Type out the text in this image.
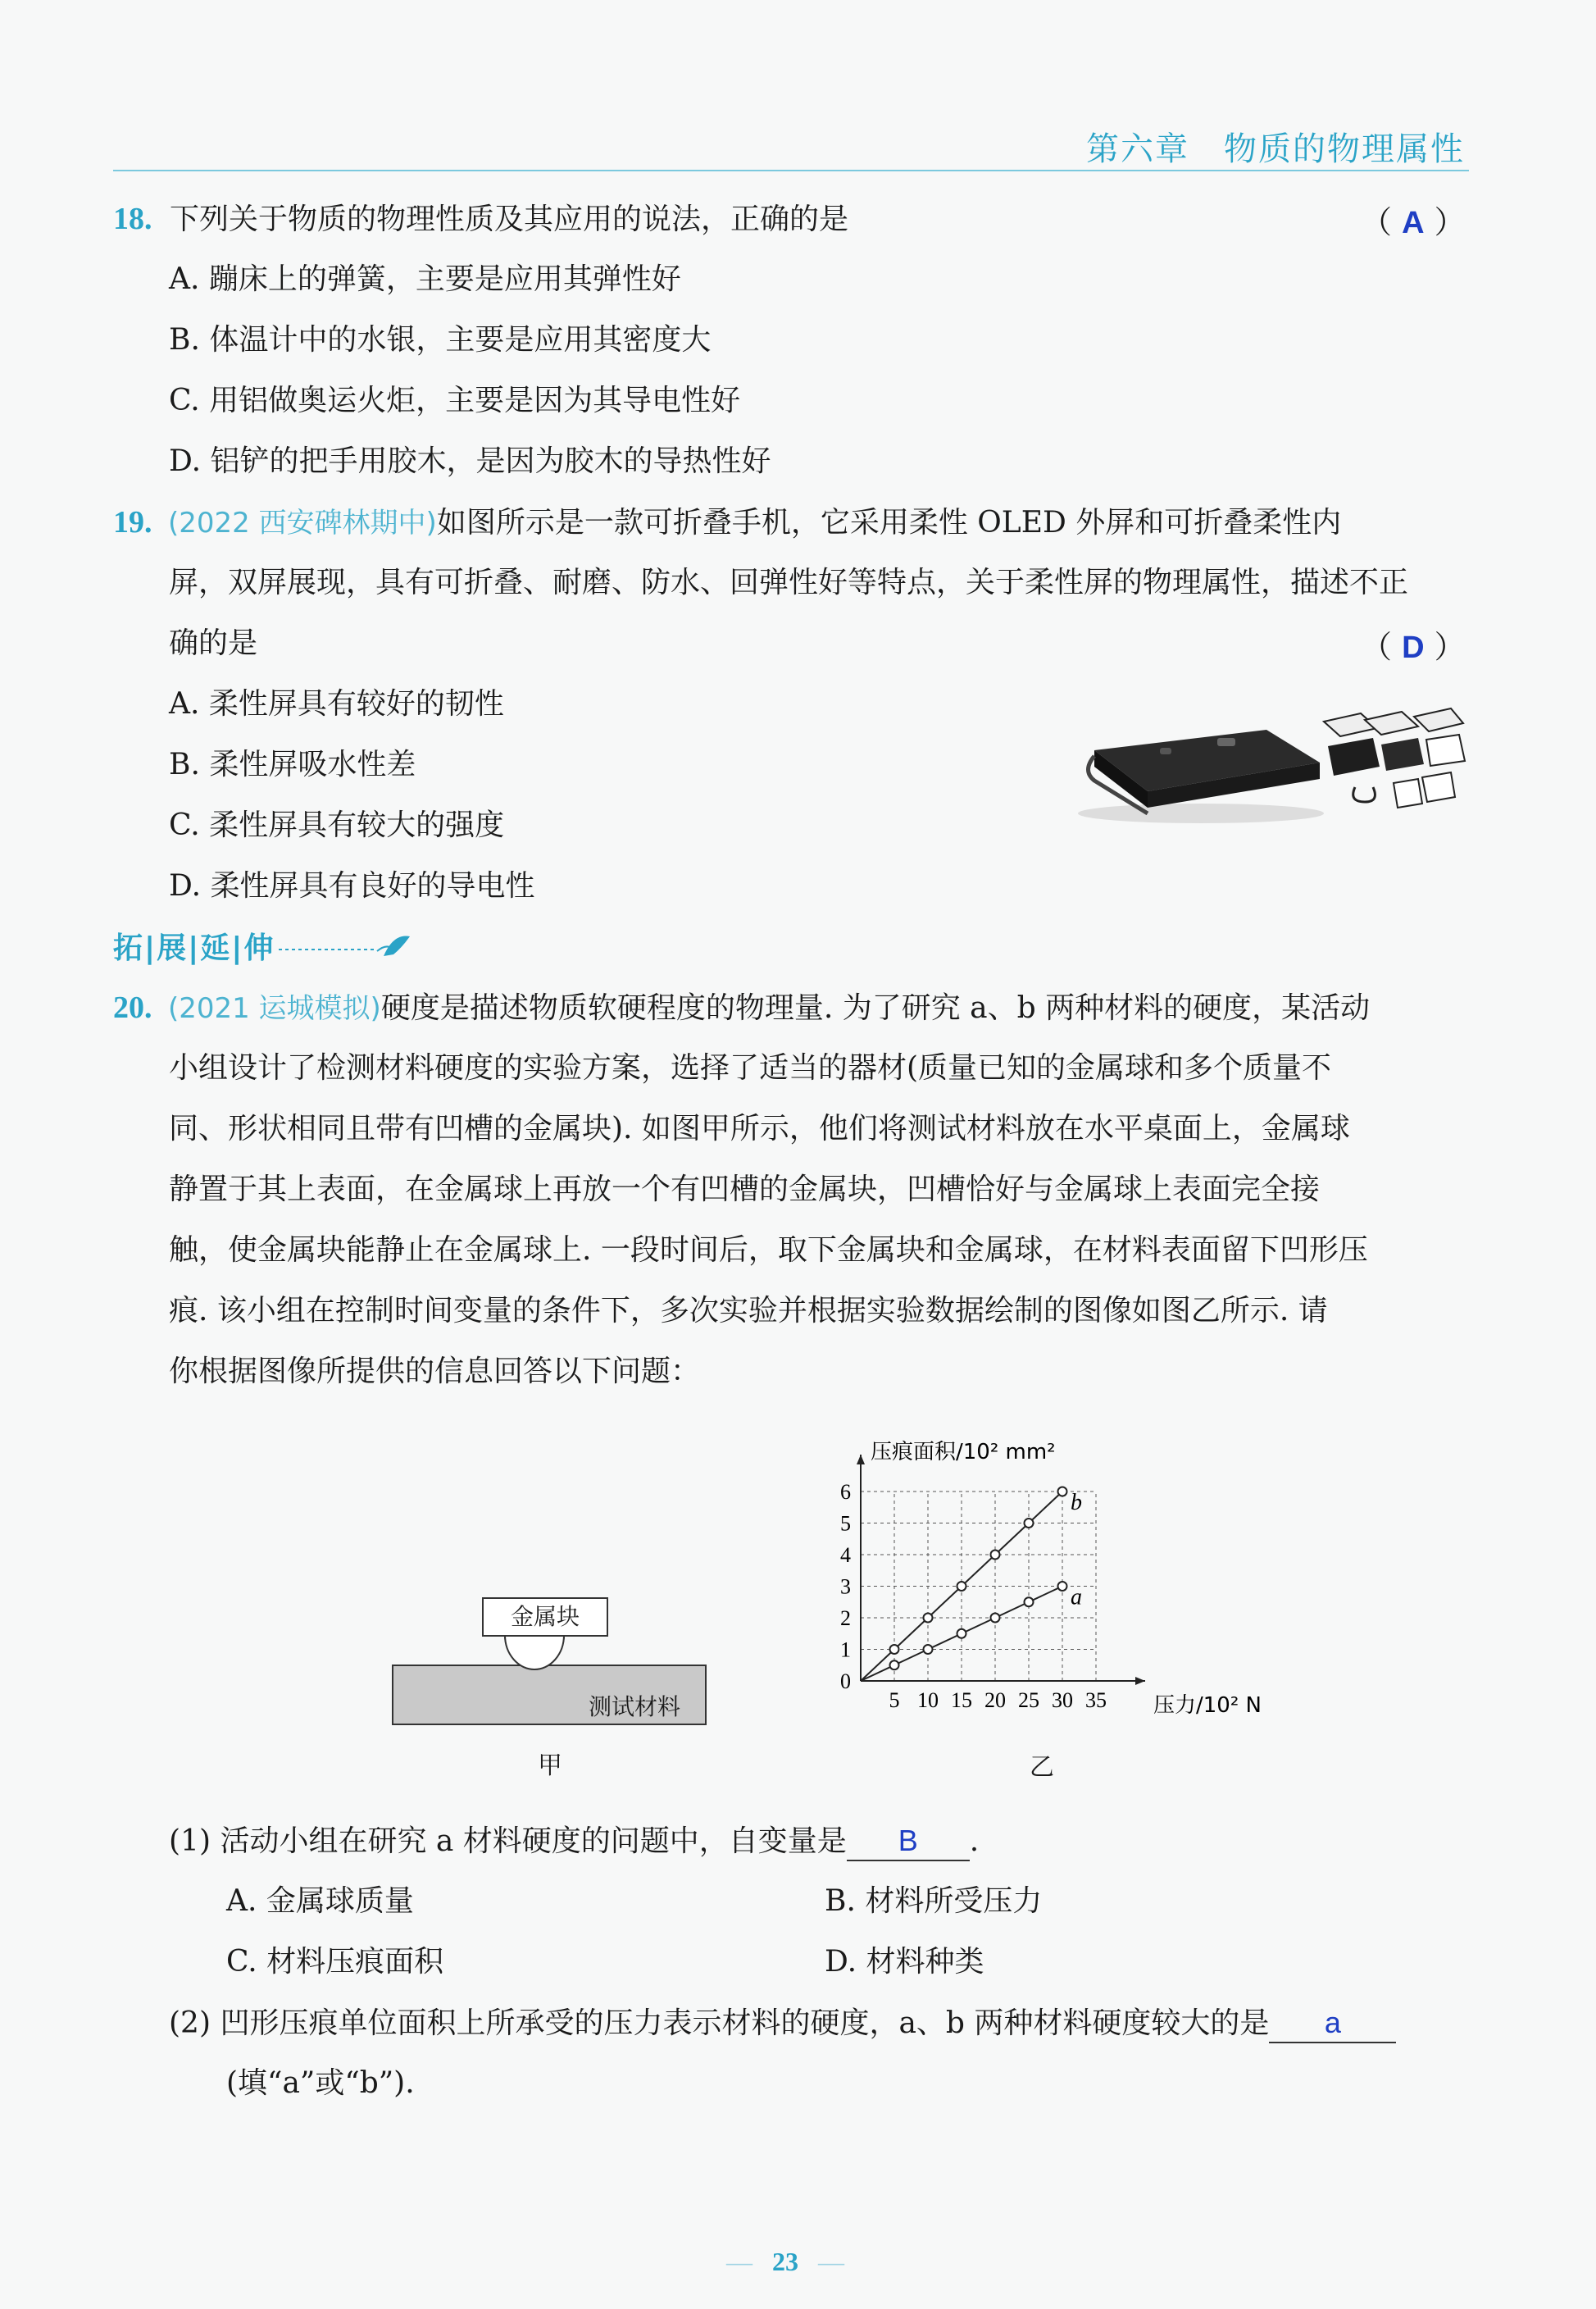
第六章　物质的物理属性
18. 下列关于物质的物理性质及其应用的说法，正确的是	（ A ）
A. 蹦床上的弹簧，主要是应用其弹性好
B. 体温计中的水银，主要是应用其密度大
C. 用铝做奥运火炬，主要是因为其导电性好
D. 铝铲的把手用胶木，是因为胶木的导热性好
19. (2022 西安碑林期中)如图所示是一款可折叠手机，它采用柔性 OLED 外屏和可折叠柔性内
屏，双屏展现，具有可折叠、耐磨、防水、回弹性好等特点，关于柔性屏的物理属性，描述不正
确的是	（ D ）
A. 柔性屏具有较好的韧性
B. 柔性屏吸水性差
C. 柔性屏具有较大的强度
D. 柔性屏具有良好的导电性
拓|展|延|伸
20. (2021 运城模拟)硬度是描述物质软硬程度的物理量. 为了研究 a、b 两种材料的硬度，某活动
小组设计了检测材料硬度的实验方案，选择了适当的器材(质量已知的金属球和多个质量不
同、形状相同且带有凹槽的金属块). 如图甲所示，他们将测试材料放在水平桌面上，金属球
静置于其上表面，在金属球上再放一个有凹槽的金属块，凹槽恰好与金属球上表面完全接
触，使金属块能静止在金属球上. 一段时间后，取下金属块和金属球，在材料表面留下凹形压
痕. 该小组在控制时间变量的条件下，多次实验并根据实验数据绘制的图像如图乙所示. 请
你根据图像所提供的信息回答以下问题：
测试材料
金属块
甲
5 10 15 20 25 30 35
1
2
3
4
5
6
0
压痕面积/10² mm²
压力/10² N
a
b
乙
(1) 活动小组在研究 a 材料硬度的问题中，自变量是 B .
A. 金属球质量	B. 材料所受压力
C. 材料压痕面积	D. 材料种类
(2) 凹形压痕单位面积上所承受的压力表示材料的硬度，a、b 两种材料硬度较大的是 a
(填“a”或“b”).
— 23 —
